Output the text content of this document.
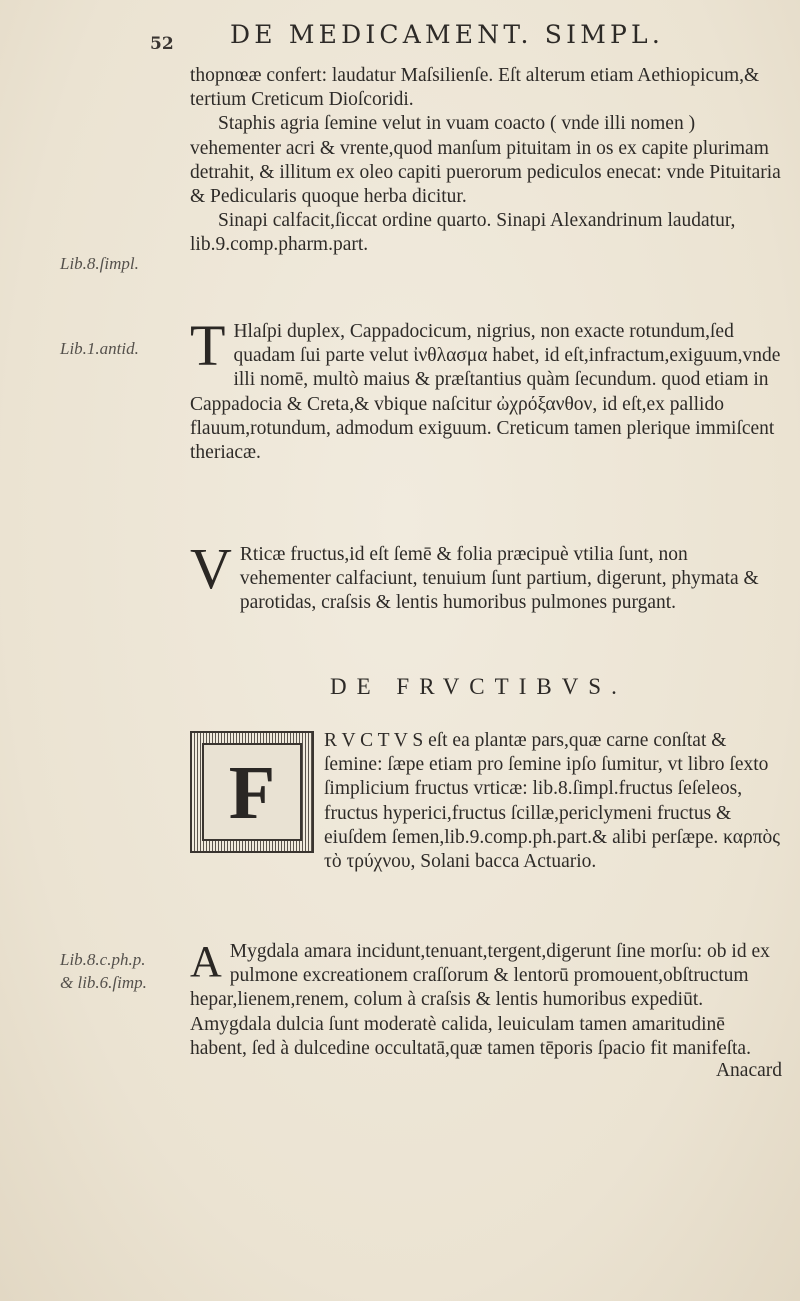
52 DE MEDICAMENT. SIMPL.
Lib.8.ſimpl.
Lib.1.antid.
Lib.8.c.ph.p.
& lib.6.ſimp.

thopnœæ confert: laudatur Maſsilienſe. Eſt alterum etiam Aethiopicum,& tertium Creticum Dioſcoridi.

Staphis agria ſemine velut in vuam coacto ( vnde illi nomen ) vehementer acri & vrente,quod manſum pituitam in os ex capite plurimam detrahit, & illitum ex oleo capiti puerorum pediculos enecat: vnde Pituitaria & Pedicularis quoque herba dicitur.

Sinapi calfacit,ſiccat ordine quarto. Sinapi Alexandrinum laudatur, lib.9.comp.pharm.part.

T Hlaſpi duplex, Cappadocicum, nigrius, non exacte rotundum,ſed quadam ſui parte velut ἰνθλασμα habet, id eſt,infractum,exiguum,vnde illi nomē, multò maius & præſtantius quàm ſecundum. quod etiam in Cappadocia & Creta,& vbique naſcitur ὠχρόξανθον, id eſt,ex pallido flauum,rotundum, admodum exiguum. Creticum tamen plerique immiſcent theriacæ.

V Rticæ fructus,id eſt ſemē & folia præcipuè vtilia ſunt, non vehementer calfaciunt, tenuium ſunt partium, digerunt, phymata & parotidas, craſsis & lentis humoribus pulmones purgant.

DE FRVCTIBVS.
F

R V C T V S eſt ea plantæ pars,quæ carne conſtat & ſemine: ſæpe etiam pro ſemine ipſo ſumitur, vt libro ſexto ſimplicium fructus vrticæ: lib.8.ſimpl.fructus ſeſeleos, fructus hyperici,fructus ſcillæ,periclymeni fructus & eiuſdem ſemen,lib.9.comp.ph.part.& alibi perſæpe. καρπὸς τὸ τρύχνου, Solani bacca Actuario.

A Mygdala amara incidunt,tenuant,tergent,digerunt ſine morſu: ob id ex pulmone excreationem craſſorum & lentorū promouent,obſtructum hepar,lienem,renem, colum à craſsis & lentis humoribus expediūt. Amygdala dulcia ſunt moderatè calida, leuiculam tamen amaritudinē habent, ſed à dulcedine occultatā,quæ tamen tēporis ſpacio fit manifeſta.

Anacard
